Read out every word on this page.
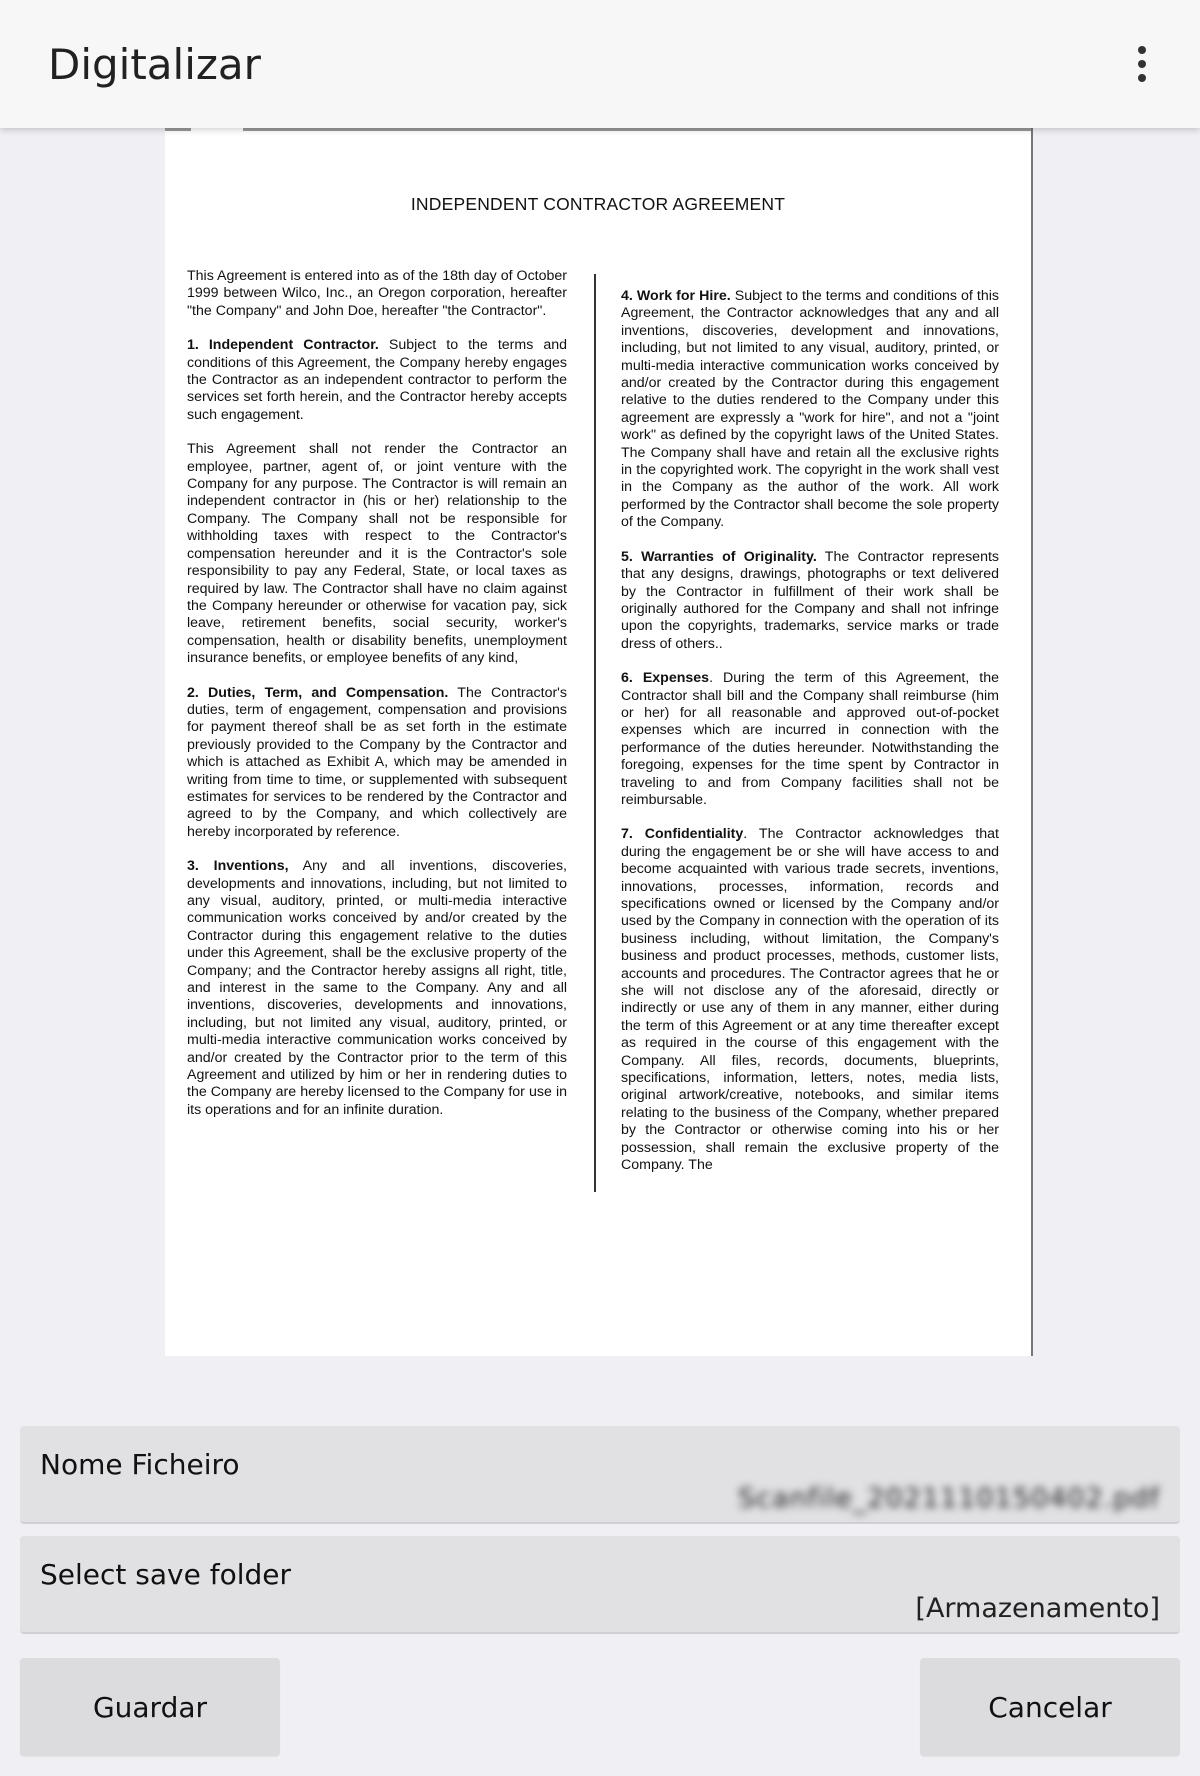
Digitalizar
INDEPENDENT CONTRACTOR AGREEMENT

This Agreement is entered into as of the 18th day of October 1999 between Wilco, Inc., an Oregon corporation, hereafter "the Company" and John Doe, hereafter "the Contractor".

1. Independent Contractor. Subject to the terms and conditions of this Agreement, the Company hereby engages the Contractor as an independent contractor to perform the services set forth herein, and the Contractor hereby accepts such engagement.

This Agreement shall not render the Contractor an employee, partner, agent of, or joint venture with the Company for any purpose. The Contractor is will remain an independent contractor in (his or her) relationship to the Company. The Company shall not be responsible for withholding taxes with respect to the Contractor's compensation hereunder and it is the Contractor's sole responsibility to pay any Federal, State, or local taxes as required by law. The Contractor shall have no claim against the Company hereunder or otherwise for vacation pay, sick leave, retirement benefits, social security, worker's compensation, health or disability benefits, unemployment insurance benefits, or employee benefits of any kind,

2. Duties, Term, and Compensation. The Contractor's duties, term of engagement, compensation and provisions for payment thereof shall be as set forth in the estimate previously provided to the Company by the Contractor and which is attached as Exhibit A, which may be amended in writing from time to time, or supplemented with subsequent estimates for services to be rendered by the Contractor and agreed to by the Company, and which collectively are hereby incorporated by reference.

3. Inventions, Any and all inventions, discoveries, developments and innovations, including, but not limited to any visual, auditory, printed, or multi-media interactive communication works conceived by and/or created by the Contractor during this engagement relative to the duties under this Agreement, shall be the exclusive property of the Company; and the Contractor hereby assigns all right, title, and interest in the same to the Company. Any and all inventions, discoveries, developments and innovations, including, but not limited any visual, auditory, printed, or multi-media interactive communication works conceived by and/or created by the Contractor prior to the term of this Agreement and utilized by him or her in rendering duties to the Company are hereby licensed to the Company for use in its operations and for an infinite duration.

4. Work for Hire. Subject to the terms and conditions of this Agreement, the Contractor acknowledges that any and all inventions, discoveries, development and innovations, including, but not limited to any visual, auditory, printed, or multi-media interactive communication works conceived by and/or created by the Contractor during this engagement relative to the duties rendered to the Company under this agreement are expressly a "work for hire", and not a "joint work" as defined by the copyright laws of the United States. The Company shall have and retain all the exclusive rights in the copyrighted work. The copyright in the work shall vest in the Company as the author of the work. All work performed by the Contractor shall become the sole property of the Company.

5. Warranties of Originality. The Contractor represents that any designs, drawings, photographs or text delivered by the Contractor in fulfillment of their work shall be originally authored for the Company and shall not infringe upon the copyrights, trademarks, service marks or trade dress of others..

6. Expenses. During the term of this Agreement, the Contractor shall bill and the Company shall reimburse (him or her) for all reasonable and approved out-of-pocket expenses which are incurred in connection with the performance of the duties hereunder. Notwithstanding the foregoing, expenses for the time spent by Contractor in traveling to and from Company facilities shall not be reimbursable.

7. Confidentiality. The Contractor acknowledges that during the engagement be or she will have access to and become acquainted with various trade secrets, inventions, innovations, processes, information, records and specifications owned or licensed by the Company and/or used by the Company in connection with the operation of its business including, without limitation, the Company's business and product processes, methods, customer lists, accounts and procedures. The Contractor agrees that he or she will not disclose any of the aforesaid, directly or indirectly or use any of them in any manner, either during the term of this Agreement or at any time thereafter except as required in the course of this engagement with the Company. All files, records, documents, blueprints, specifications, information, letters, notes, media lists, original artwork/creative, notebooks, and similar items relating to the business of the Company, whether prepared by the Contractor or otherwise coming into his or her possession, shall remain the exclusive property of the Company. The

Nome Ficheiro
Scanfile_2021110150402.pdf
Select save folder
[Armazenamento]
Guardar	Cancelar
